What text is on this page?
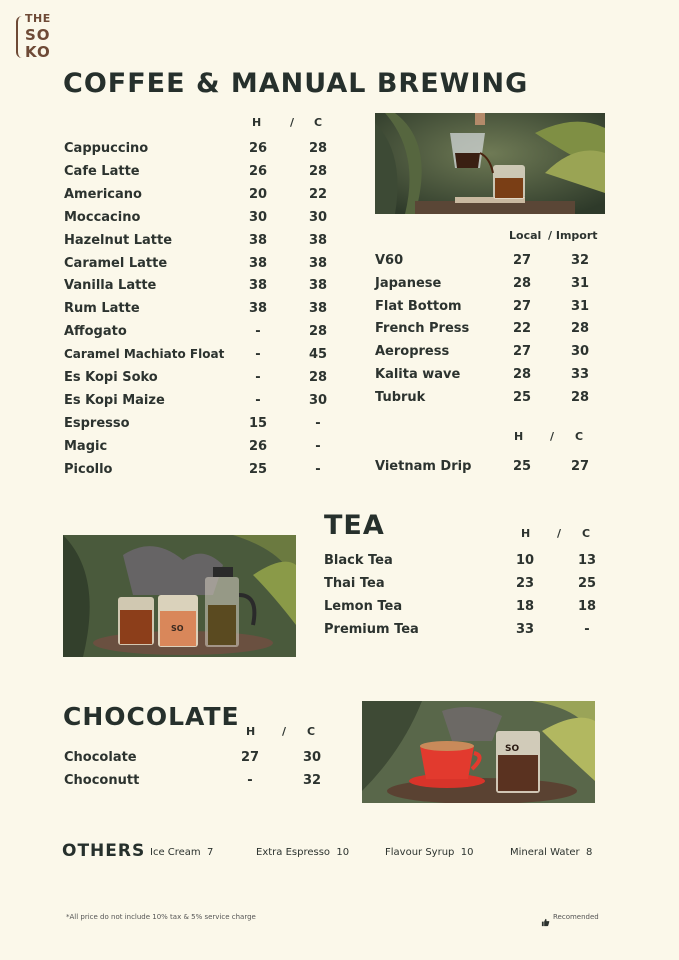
THE
SO
KO
COFFEE & MANUAL BREWING
H	/ C
Cappuccino	26	28
Cafe Latte	26	28
Americano	20	22
Moccacino	30	30
Hazelnut Latte	38	38
Caramel Latte	38	38
Vanilla Latte	38	38
Rum Latte	38	38
Affogato	-	28
Caramel Machiato Float	-	45
Es Kopi Soko	-	28
Es Kopi Maize	-	30
Espresso	15	-
Magic	26	-
Picollo	25	-
Local / Import
V60	27	32
Japanese	28	31
Flat Bottom	27	31
French Press	22	28
Aeropress	27	30
Kalita wave	28	33
Tubruk	25	28
H / C
Vietnam Drip	25	27
SO
TEA	H / C
Black Tea	10	13
Thai Tea	23	25
Lemon Tea	18	18
Premium Tea	33	-
CHOCOLATE
H / C
Chocolate	27	30
Choconutt	-	32
SO
OTHERS Ice Cream 7	Extra Espresso 10	Flavour Syrup 10	Mineral Water 8
*All price do not include 10% tax & 5% service charge	Recomended
